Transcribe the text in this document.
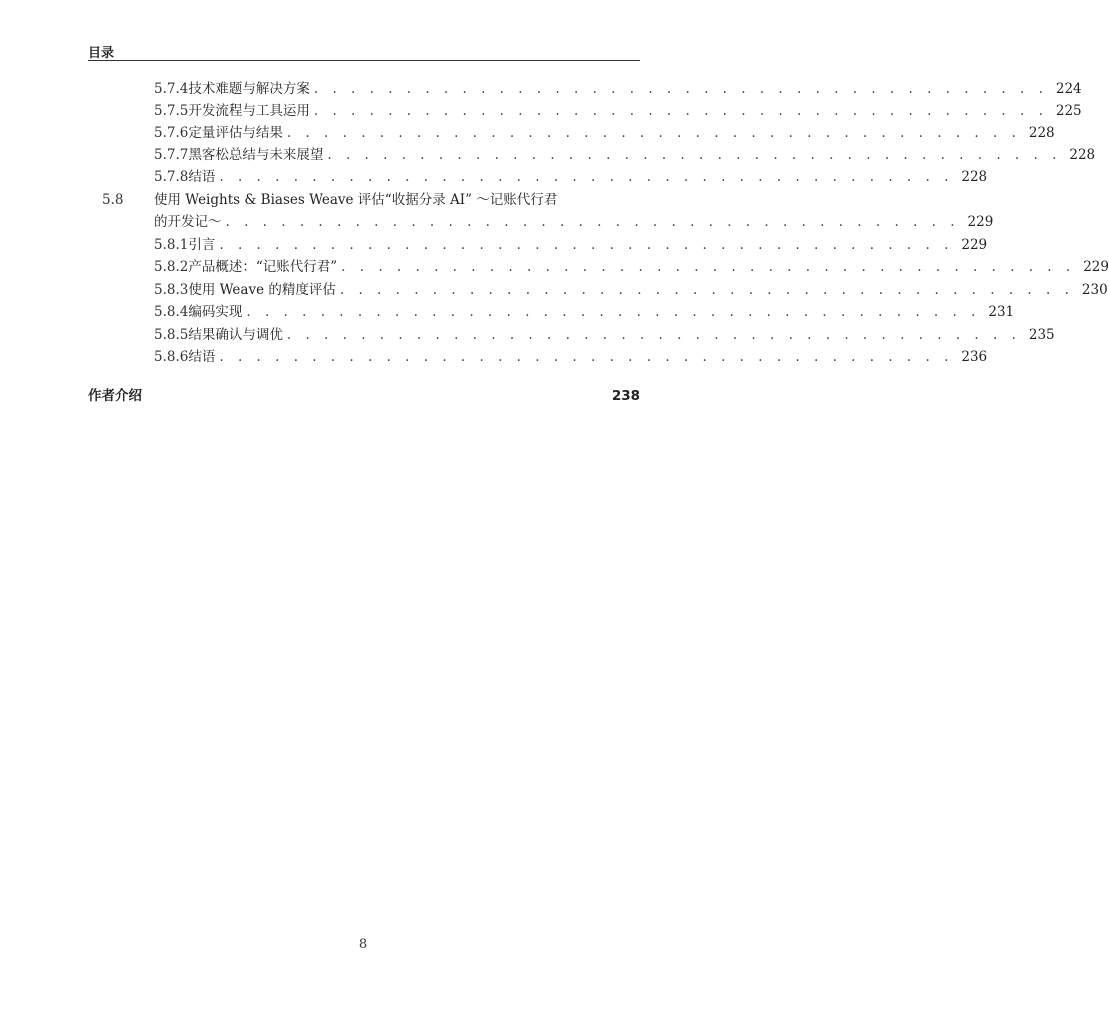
目录
5.7.4 技术难题与解决方案 . . . . . . . . . . . . . . . . . . . . . . . . . . . . . . . . . . . . . . . . 224
5.7.5 开发流程与工具运用 . . . . . . . . . . . . . . . . . . . . . . . . . . . . . . . . . . . . . . . . 225
5.7.6 定量评估与结果 . . . . . . . . . . . . . . . . . . . . . . . . . . . . . . . . . . . . . . . . 228
5.7.7 黑客松总结与未来展望 . . . . . . . . . . . . . . . . . . . . . . . . . . . . . . . . . . . . . . . . 228
5.7.8 结语 . . . . . . . . . . . . . . . . . . . . . . . . . . . . . . . . . . . . . . . . 228
5.8 使用 Weights & Biases Weave 评估“收据分录 AI” ～记账代行君
的开发记～ . . . . . . . . . . . . . . . . . . . . . . . . . . . . . . . . . . . . . . . . 229
5.8.1 引言 . . . . . . . . . . . . . . . . . . . . . . . . . . . . . . . . . . . . . . . . 229
5.8.2 产品概述：“记账代行君” . . . . . . . . . . . . . . . . . . . . . . . . . . . . . . . . . . . . . . . . 229
5.8.3 使用 Weave 的精度评估 . . . . . . . . . . . . . . . . . . . . . . . . . . . . . . . . . . . . . . . . 230
5.8.4 编码实现 . . . . . . . . . . . . . . . . . . . . . . . . . . . . . . . . . . . . . . . . 231
5.8.5 结果确认与调优 . . . . . . . . . . . . . . . . . . . . . . . . . . . . . . . . . . . . . . . . 235
5.8.6 结语 . . . . . . . . . . . . . . . . . . . . . . . . . . . . . . . . . . . . . . . . 236
作者介绍	238
8
